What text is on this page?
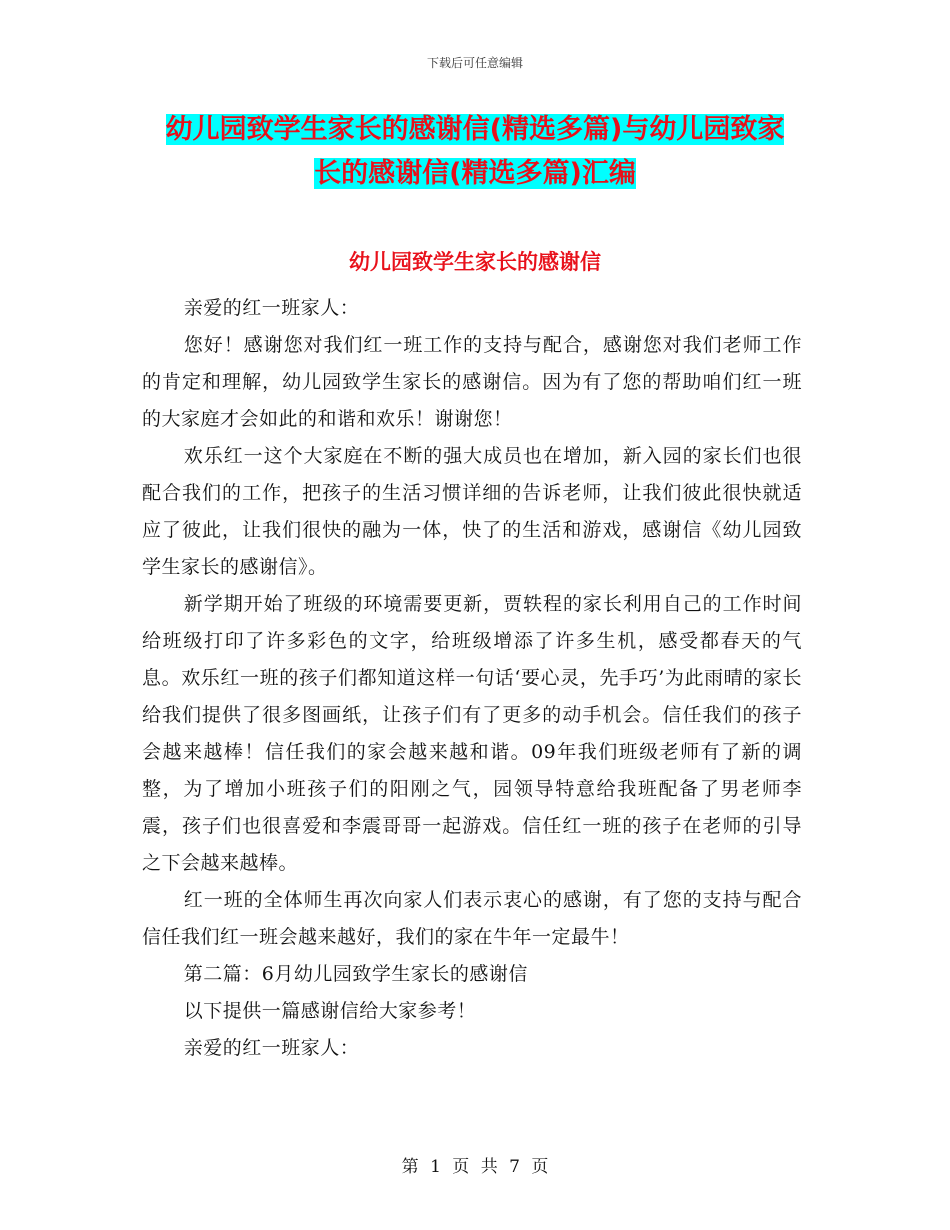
下载后可任意编辑
幼儿园致学生家长的感谢信(精选多篇)与幼儿园致家
长的感谢信(精选多篇)汇编
幼儿园致学生家长的感谢信

亲爱的红一班家人：

您好！感谢您对我们红一班工作的支持与配合，感谢您对我们老师工作的肯定和理解，幼儿园致学生家长的感谢信。因为有了您的帮助咱们红一班的大家庭才会如此的和谐和欢乐！谢谢您！

欢乐红一这个大家庭在不断的强大成员也在增加，新入园的家长们也很配合我们的工作，把孩子的生活习惯详细的告诉老师，让我们彼此很快就适应了彼此，让我们很快的融为一体，快了的生活和游戏，感谢信《幼儿园致学生家长的感谢信》。

新学期开始了班级的环境需要更新，贾轶程的家长利用自己的工作时间给班级打印了许多彩色的文字，给班级增添了许多生机，感受都春天的气息。欢乐红一班的孩子们都知道这样一句话‘要心灵，先手巧’为此雨晴的家长给我们提供了很多图画纸，让孩子们有了更多的动手机会。信任我们的孩子会越来越棒！信任我们的家会越来越和谐。09年我们班级老师有了新的调整，为了增加小班孩子们的阳刚之气，园领导特意给我班配备了男老师李震，孩子们也很喜爱和李震哥哥一起游戏。信任红一班的孩子在老师的引导之下会越来越棒。

红一班的全体师生再次向家人们表示衷心的感谢，有了您的支持与配合信任我们红一班会越来越好，我们的家在牛年一定最牛！

第二篇：6月幼儿园致学生家长的感谢信

以下提供一篇感谢信给大家参考！

亲爱的红一班家人：

第 1 页 共 7 页
